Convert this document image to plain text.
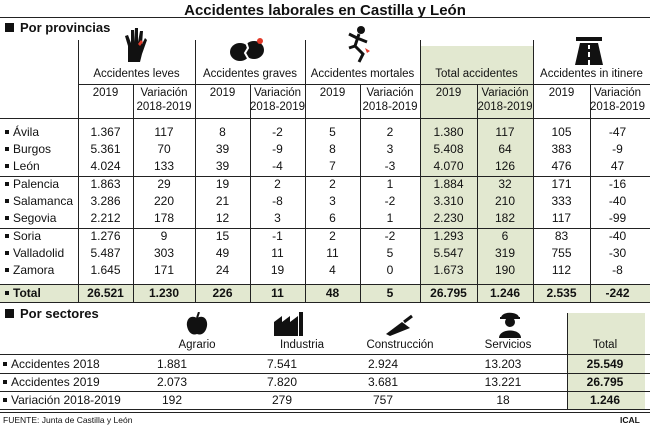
Accidentes laborales en Castilla y León
Por provincias
Accidentes leves	Accidentes graves	Accidentes mortales	Total accidentes	Accidentes in itinere
2019	Variación
2018-2019
2019	Variación
2018-2019
2019	Variación
2018-2019
2019	Variación
2018-2019
2019	Variación
2018-2019
Ávila	1.367	117	8	-2	5	2	1.380	117	105	-47
Burgos	5.361	70	39	-9	8	3	5.408	64	383	-9
León	4.024	133	39	-4	7	-3	4.070	126	476	47
Palencia	1.863	29	19	2	2	1	1.884	32	171	-16
Salamanca	3.286	220	21	-8	3	-2	3.310	210	333	-40
Segovia	2.212	178	12	3	6	1	2.230	182	117	-99
Soria	1.276	9	15	-1	2	-2	1.293	6	83	-40
Valladolid	5.487	303	49	11	11	5	5.547	319	755	-30
Zamora	1.645	171	24	19	4	0	1.673	190	112	-8
Total	26.521	1.230	226	11	48	5	26.795	1.246	2.535	-242
Por sectores
Agrario	Industria	Construcción	Servicios	Total
Accidentes 2018	1.881	7.541	2.924	13.203	25.549
Accidentes 2019	2.073	7.820	3.681	13.221	26.795
Variación 2018-2019	192	279	757	18	1.246
FUENTE: Junta de Castilla y León	ICAL
